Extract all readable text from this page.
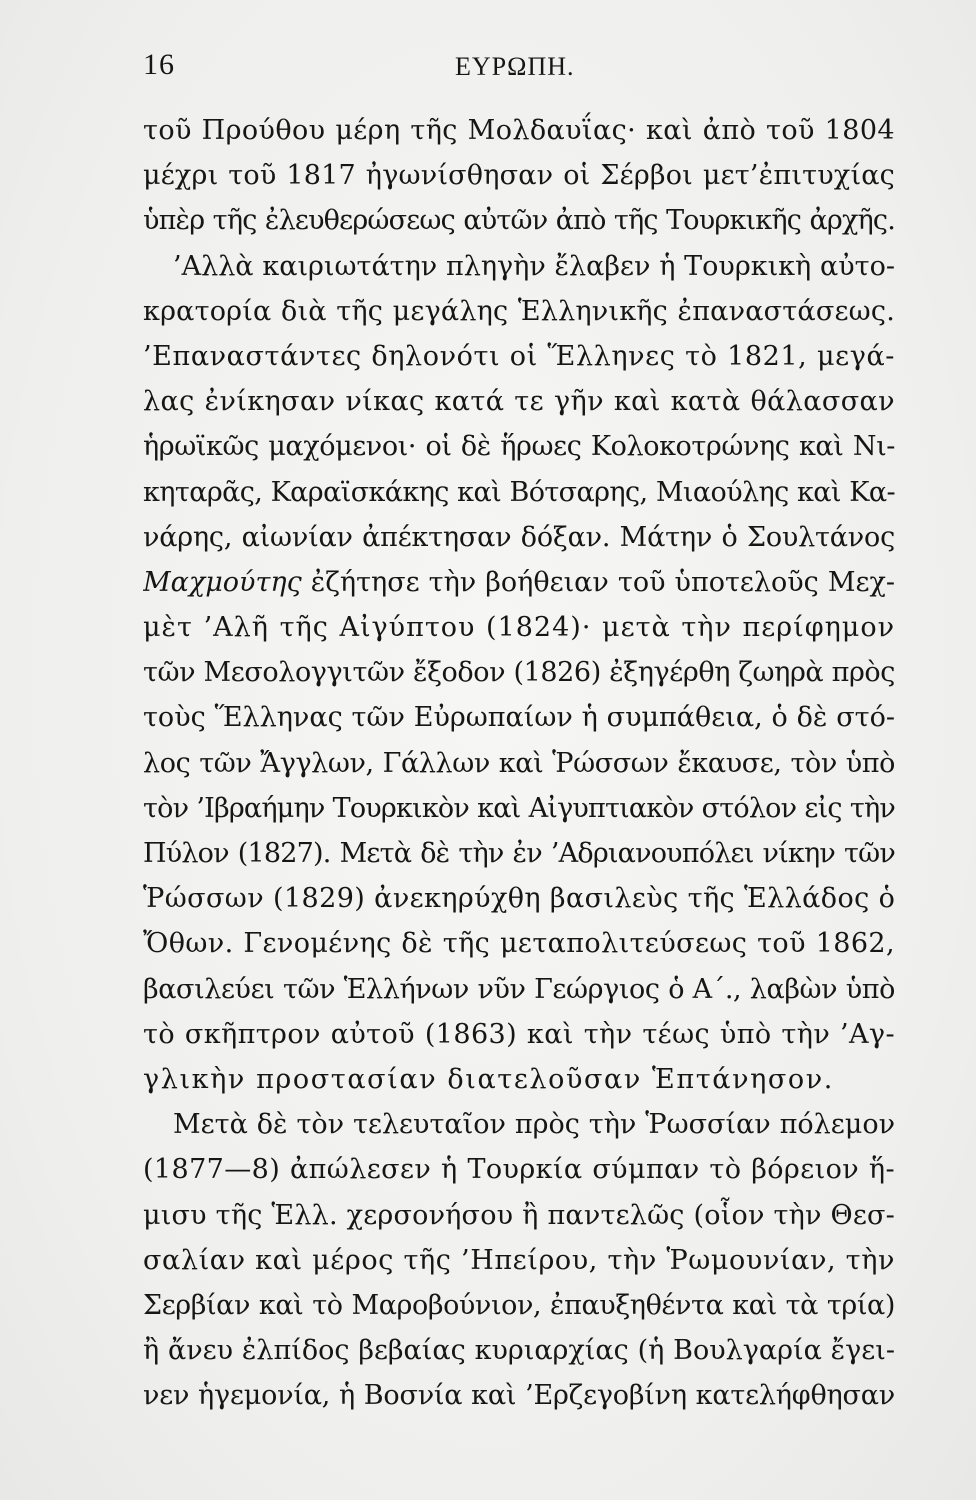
16	ΕΥΡΩΠΗ.
τοῦ Προύθου μέρη τῆς Μολδαυΐας· καὶ ἀπὸ τοῦ 1804
μέχρι τοῦ 1817 ἠγωνίσθησαν οἱ Σέρβοι μετ’ἐπιτυχίας
ὑπὲρ τῆς ἐλευθερώσεως αὐτῶν ἀπὸ τῆς Τουρκικῆς ἀρχῆς.
’Αλλὰ καιριωτάτην πληγὴν ἔλαβεν ἡ Τουρκικὴ αὐτο-
κρατορία διὰ τῆς μεγάλης Ἑλληνικῆς ἐπαναστάσεως.
’Επαναστάντες δηλονότι οἱ Ἕλληνες τὸ 1821, μεγά-
λας ἐνίκησαν νίκας κατά τε γῆν καὶ κατὰ θάλασσαν
ἡρωϊκῶς μαχόμενοι· οἱ δὲ ἥρωες Κολοκοτρώνης καὶ Νι-
κηταρᾶς, Καραϊσκάκης καὶ Βότσαρης, Μιαούλης καὶ Κα-
νάρης, αἰωνίαν ἀπέκτησαν δόξαν. Μάτην ὁ Σουλτάνος
Μαχμούτης ἐζήτησε τὴν βοήθειαν τοῦ ὑποτελοῦς Μεχ-
μὲτ ’Αλῆ τῆς Αἰγύπτου (1824)· μετὰ τὴν περίφημον
τῶν Μεσολογγιτῶν ἔξοδον (1826) ἐξηγέρθη ζωηρὰ πρὸς
τοὺς Ἕλληνας τῶν Εὐρωπαίων ἡ συμπάθεια, ὁ δὲ στό-
λος τῶν Ἄγγλων, Γάλλων καὶ Ῥώσσων ἔκαυσε, τὸν ὑπὸ
τὸν ’Ιβραήμην Τουρκικὸν καὶ Αἰγυπτιακὸν στόλον εἰς τὴν
Πύλον (1827). Μετὰ δὲ τὴν ἐν ’Αδριανουπόλει νίκην τῶν
Ῥώσσων (1829) ἀνεκηρύχθη βασιλεὺς τῆς Ἑλλάδος ὁ
Ὄθων. Γενομένης δὲ τῆς μεταπολιτεύσεως τοῦ 1862,
βασιλεύει τῶν Ἑλλήνων νῦν Γεώργιος ὁ Α΄., λαβὼν ὑπὸ
τὸ σκῆπτρον αὐτοῦ (1863) καὶ τὴν τέως ὑπὸ τὴν ’Αγ-
γλικὴν προστασίαν διατελοῦσαν Ἑπτάνησον.
Μετὰ δὲ τὸν τελευταῖον πρὸς τὴν Ῥωσσίαν πόλεμον
(1877—8) ἀπώλεσεν ἡ Τουρκία σύμπαν τὸ βόρειον ἥ-
μισυ τῆς Ἑλλ. χερσονήσου ἢ παντελῶς (οἷον τὴν Θεσ-
σαλίαν καὶ μέρος τῆς ’Ηπείρου, τὴν Ῥωμουνίαν, τὴν
Σερβίαν καὶ τὸ Μαροβούνιον, ἐπαυξηθέντα καὶ τὰ τρία)
ἢ ἄνευ ἐλπίδος βεβαίας κυριαρχίας (ἡ Βουλγαρία ἔγει-
νεν ἡγεμονία, ἡ Βοσνία καὶ ’Ερζεγοβίνη κατελήφθησαν
